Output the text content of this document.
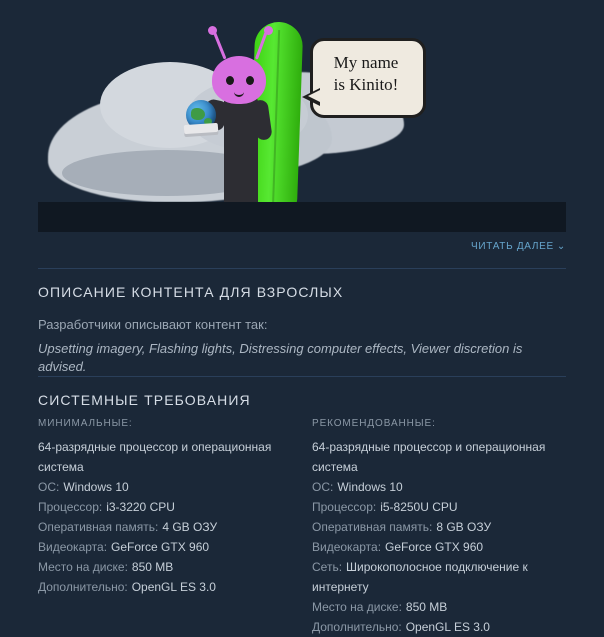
My name
is Kinito!
ЧИТАТЬ ДАЛЕЕ ⌄
ОПИСАНИЕ КОНТЕНТА ДЛЯ ВЗРОСЛЫХ
Разработчики описывают контент так:
Upsetting imagery, Flashing lights, Distressing computer effects, Viewer discretion is advised.
СИСТЕМНЫЕ ТРЕБОВАНИЯ
МИНИМАЛЬНЫЕ:
64-разрядные процессор и операционная система
ОС: Windows 10
Процессор: i3-3220 CPU
Оперативная память: 4 GB ОЗУ
Видеокарта: GeForce GTX 960
Место на диске: 850 MB
Дополнительно: OpenGL ES 3.0
РЕКОМЕНДОВАННЫЕ:
64-разрядные процессор и операционная система
ОС: Windows 10
Процессор: i5-8250U CPU
Оперативная память: 8 GB ОЗУ
Видеокарта: GeForce GTX 960
Сеть: Широкополосное подключение к интернету
Место на диске: 850 MB
Дополнительно: OpenGL ES 3.0
